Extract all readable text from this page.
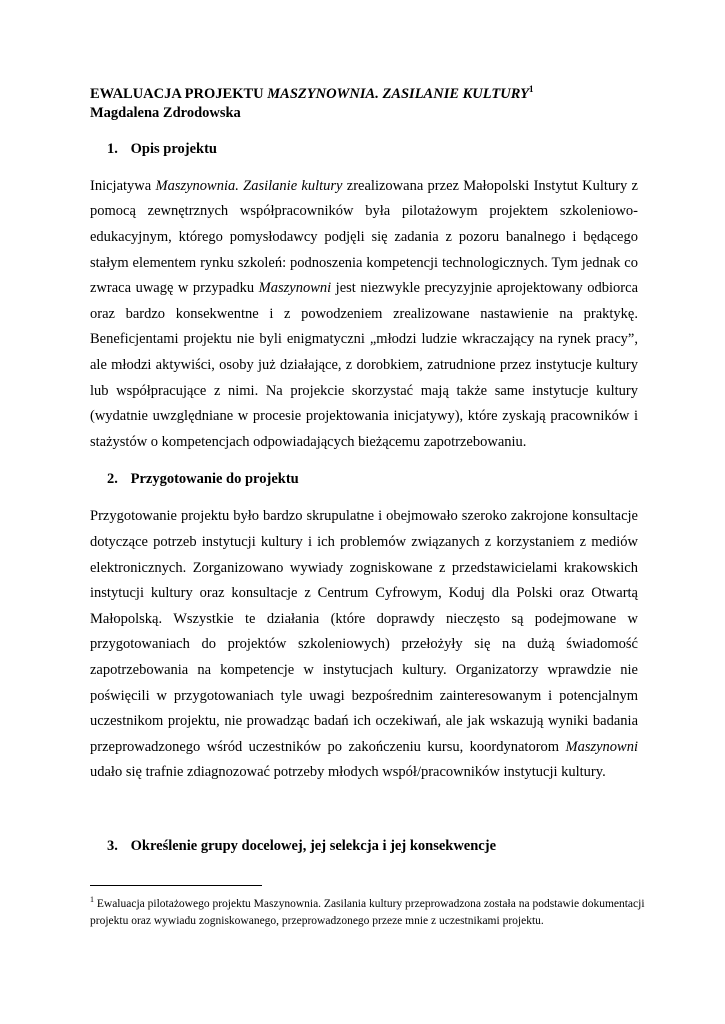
EWALUACJA PROJEKTU MASZYNOWNIA. ZASILANIE KULTURY$^1$
Magdalena Zdrodowska
1. Opis projektu

Inicjatywa Maszynownia. Zasilanie kultury zrealizowana przez Małopolski Instytut Kultury z pomocą zewnętrznych współpracowników była pilotażowym projektem szkoleniowo-edukacyjnym, którego pomysłodawcy podjęli się zadania z pozoru banalnego i będącego stałym elementem rynku szkoleń: podnoszenia kompetencji technologicznych. Tym jednak co zwraca uwagę w przypadku Maszynowni jest niezwykle precyzyjnie aprojektowany odbiorca oraz bardzo konsekwentne i z powodzeniem zrealizowane nastawienie na praktykę. Beneficjentami projektu nie byli enigmatyczni „młodzi ludzie wkraczający na rynek pracy”, ale młodzi aktywiści, osoby już działające, z dorobkiem, zatrudnione przez instytucje kultury lub współpracujące z nimi. Na projekcie skorzystać mają także same instytucje kultury (wydatnie uwzględniane w procesie projektowania inicjatywy), które zyskają pracowników i stażystów o kompetencjach odpowiadających bieżącemu zapotrzebowaniu.

2. Przygotowanie do projektu

Przygotowanie projektu było bardzo skrupulatne i obejmowało szeroko zakrojone konsultacje dotyczące potrzeb instytucji kultury i ich problemów związanych z korzystaniem z mediów elektronicznych. Zorganizowano wywiady zogniskowane z przedstawicielami krakowskich instytucji kultury oraz konsultacje z Centrum Cyfrowym, Koduj dla Polski oraz Otwartą Małopolską. Wszystkie te działania (które doprawdy nieczęsto są podejmowane w przygotowaniach do projektów szkoleniowych) przełożyły się na dużą świadomość zapotrzebowania na kompetencje w instytucjach kultury. Organizatorzy wprawdzie nie poświęcili w przygotowaniach tyle uwagi bezpośrednim zainteresowanym i potencjalnym uczestnikom projektu, nie prowadząc badań ich oczekiwań, ale jak wskazują wyniki badania przeprowadzonego wśród uczestników po zakończeniu kursu, koordynatorom Maszynowni udało się trafnie zdiagnozować potrzeby młodych współ/pracowników instytucji kultury.

3. Określenie grupy docelowej, jej selekcja i jej konsekwencje
$^1$ Ewaluacja pilotażowego projektu Maszynownia. Zasilania kultury przeprowadzona została na podstawie dokumentacji projektu oraz wywiadu zogniskowanego, przeprowadzonego przeze mnie z uczestnikami projektu.
